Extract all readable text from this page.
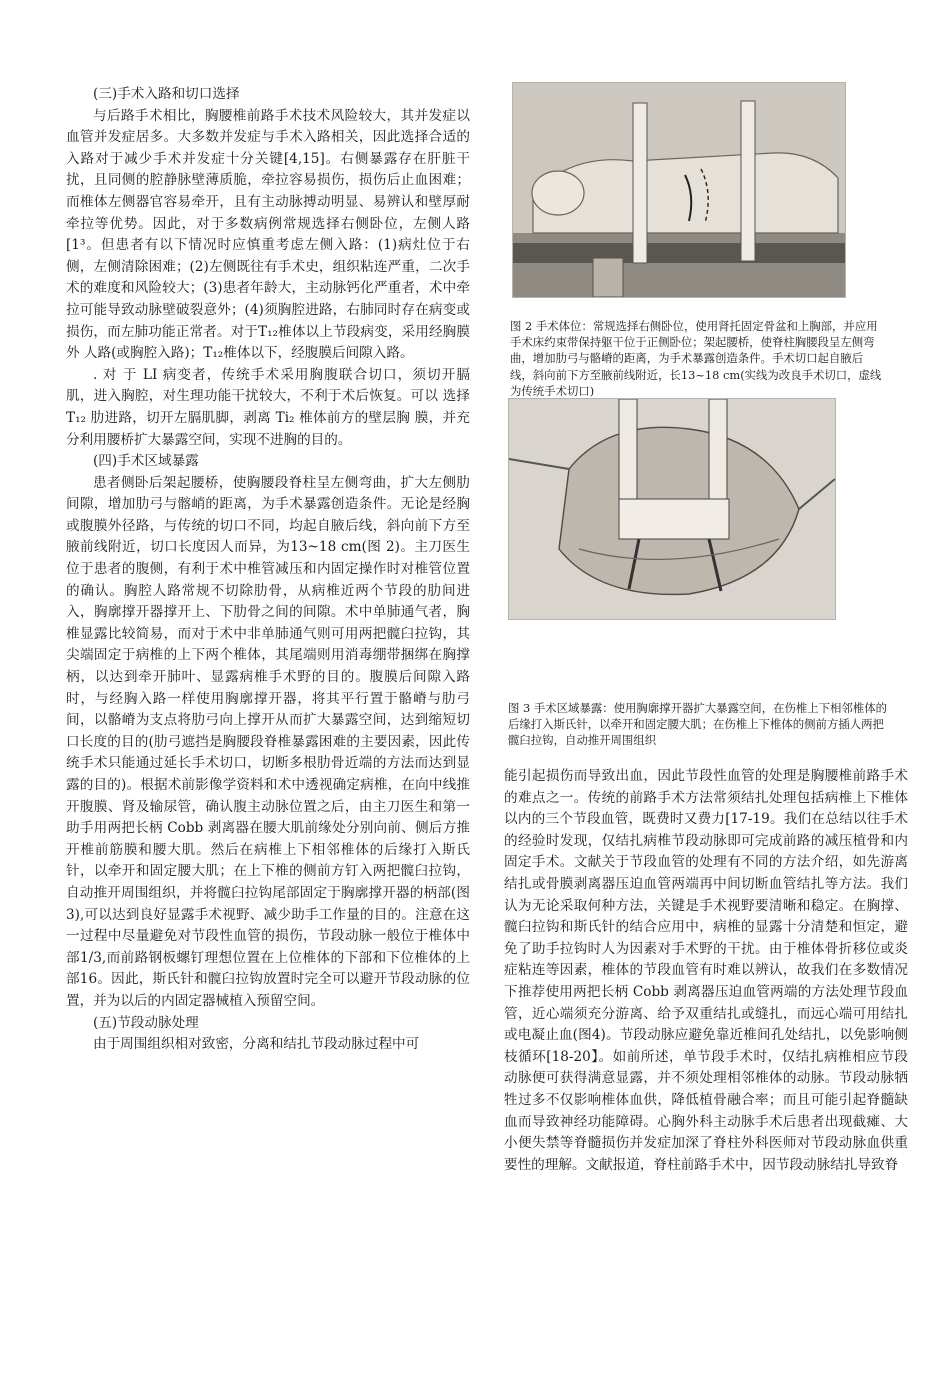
(三)手术入路和切口选择

与后路手术相比，胸腰椎前路手术技术风险较大，其并发症以血管并发症居多。大多数并发症与手术入路相关，因此选择合适的入路对于减少手术并发症十分关键[4,15]。右侧暴露存在肝脏干扰，且同侧的腔静脉壁薄质脆，牵拉容易损伤，损伤后止血困难；而椎体左侧器官容易牵开，且有主动脉搏动明显、易辨认和壁厚耐牵拉等优势。因此，对于多数病例常规选择右侧卧位，左侧人路[1³。但患者有以下情况时应慎重考虑左侧入路：(1)病灶位于右侧，左侧清除困难；(2)左侧既往有手术史，组织粘连严重，二次手术的难度和风险较大；(3)患者年龄大，主动脉钙化严重者，术中牵拉可能导致动脉壁破裂意外；(4)须胸腔进路，右肺同时存在病变或损伤，而左肺功能正常者。对于T₁₂椎体以上节段病变，采用经胸膜外 人路(或胸腔入路)；T₁₂椎体以下，经腹膜后间隙入路。

. 对 于 LI 病变者，传统手术采用胸腹联合切口，须切开膈 肌，进入胸腔，对生理功能干扰较大，不利于术后恢复。可以 选择 T₁₂ 肋进路，切开左膈肌脚，剥离 Ti₂ 椎体前方的壁层胸 膜，并充分利用腰桥扩大暴露空间，实现不进胸的目的。

(四)手术区域暴露

患者侧卧后架起腰桥，使胸腰段脊柱呈左侧弯曲，扩大左侧肋间隙，增加肋弓与髂峭的距离，为手术暴露创造条件。无论是经胸或腹膜外径路，与传统的切口不同，均起自腋后线，斜向前下方至腋前线附近，切口长度因人而异，为13~18 cm(图 2)。主刀医生位于患者的腹侧，有利于术中椎管减压和内固定操作时对椎管位置的确认。胸腔人路常规不切除肋骨，从病椎近两个节段的肋间进入，胸廓撑开器撑开上、下肋骨之间的间隙。术中单肺通气者，胸椎显露比较简易，而对于术中非单肺通气则可用两把髋臼拉钩，其尖端固定于病椎的上下两个椎体，其尾端则用消毒绷带捆绑在胸撑柄，以达到牵开肺叶、显露病椎手术野的目的。腹膜后间隙入路时，与经胸入路一样使用胸廓撑开器，将其平行置于骼嵴与肋弓间，以骼嵴为支点将肋弓向上撑开从而扩大暴露空间，达到缩短切口长度的目的(肋弓遮挡是胸腰段脊椎暴露困难的主要因素，因此传统手术只能通过延长手术切口，切断多根肋骨近端的方法而达到显露的目的)。根据术前影像学资料和术中透视确定病椎，在向中线推开腹膜、肾及输尿管，确认腹主动脉位置之后，由主刀医生和第一助手用两把长柄 Cobb 剥离器在腰大肌前缘处分别向前、侧后方推开椎前筋膜和腰大肌。然后在病椎上下相邻椎体的后缘打入斯氏针，以牵开和固定腰大肌；在上下椎的侧前方钉入两把髋臼拉钩，自动推开周围组织，并将髋臼拉钩尾部固定于胸廓撑开器的柄部(图3),可以达到良好显露手术视野、减少助手工作量的目的。注意在这一过程中尽量避免对节段性血管的损伤，节段动脉一般位于椎体中部1/3,而前路钢板螺钉理想位置在上位椎体的下部和下位椎体的上部16。因此，斯氏针和髋臼拉钩放置时完全可以避开节段动脉的位置，并为以后的内固定器械植入预留空间。

(五)节段动脉处理

由于周围组织相对致密，分离和结扎节段动脉过程中可

图 2 手术体位：常规选择右侧卧位，使用肾托固定骨盆和上胸部，并应用手术床约束带保持躯干位于正侧卧位；架起腰桥，使脊柱胸腰段呈左侧弯曲，增加肋弓与骼嵴的距离，为手术暴露创造条件。手术切口起自腋后线，斜向前下方至腋前线附近，长13~18 cm(实线为改良手术切口，虚线为传统手术切口)
图 3 手术区域暴露：使用胸廓撑开器扩大暴露空间，在伤椎上下相邻椎体的后缘打入斯氏针，以牵开和固定腰大肌；在伤椎上下椎体的侧前方插人两把髋臼拉钩，自动推开周围组织

能引起损伤而导致出血，因此节段性血管的处理是胸腰椎前路手术的难点之一。传统的前路手术方法常须结扎处理包括病椎上下椎体以内的三个节段血管，既费时又费力[17-19。我们在总结以往手术的经验时发现，仅结扎病椎节段动脉即可完成前路的减压植骨和内固定手术。文献关于节段血管的处理有不同的方法介绍，如先游离结扎或骨膜剥离器压迫血管两端再中间切断血管结扎等方法。我们认为无论采取何种方法，关键是手术视野要清晰和稳定。在胸撑、髋臼拉钩和斯氏针的结合应用中，病椎的显露十分清楚和恒定，避免了助手拉钩时人为因素对手术野的干扰。由于椎体骨折移位或炎症粘连等因素，椎体的节段血管有时难以辨认，故我们在多数情况下推荐使用两把长柄 Cobb 剥离器压迫血管两端的方法处理节段血管，近心端须充分游离、给予双重结扎或缝扎，而远心端可用结扎或电凝止血(图4)。节段动脉应避免靠近椎间孔处结扎，以免影响侧枝循环[18-20】。如前所述，单节段手术时，仅结扎病椎相应节段动脉便可获得满意显露，并不须处理相邻椎体的动脉。节段动脉牺牲过多不仅影响椎体血供，降低植骨融合率；而且可能引起脊髓缺血而导致神经功能障碍。心胸外科主动脉手术后患者出现截瘫、大小便失禁等脊髓损伤并发症加深了脊柱外科医师对节段动脉血供重要性的理解。文献报道，脊柱前路手术中，因节段动脉结扎导致脊
